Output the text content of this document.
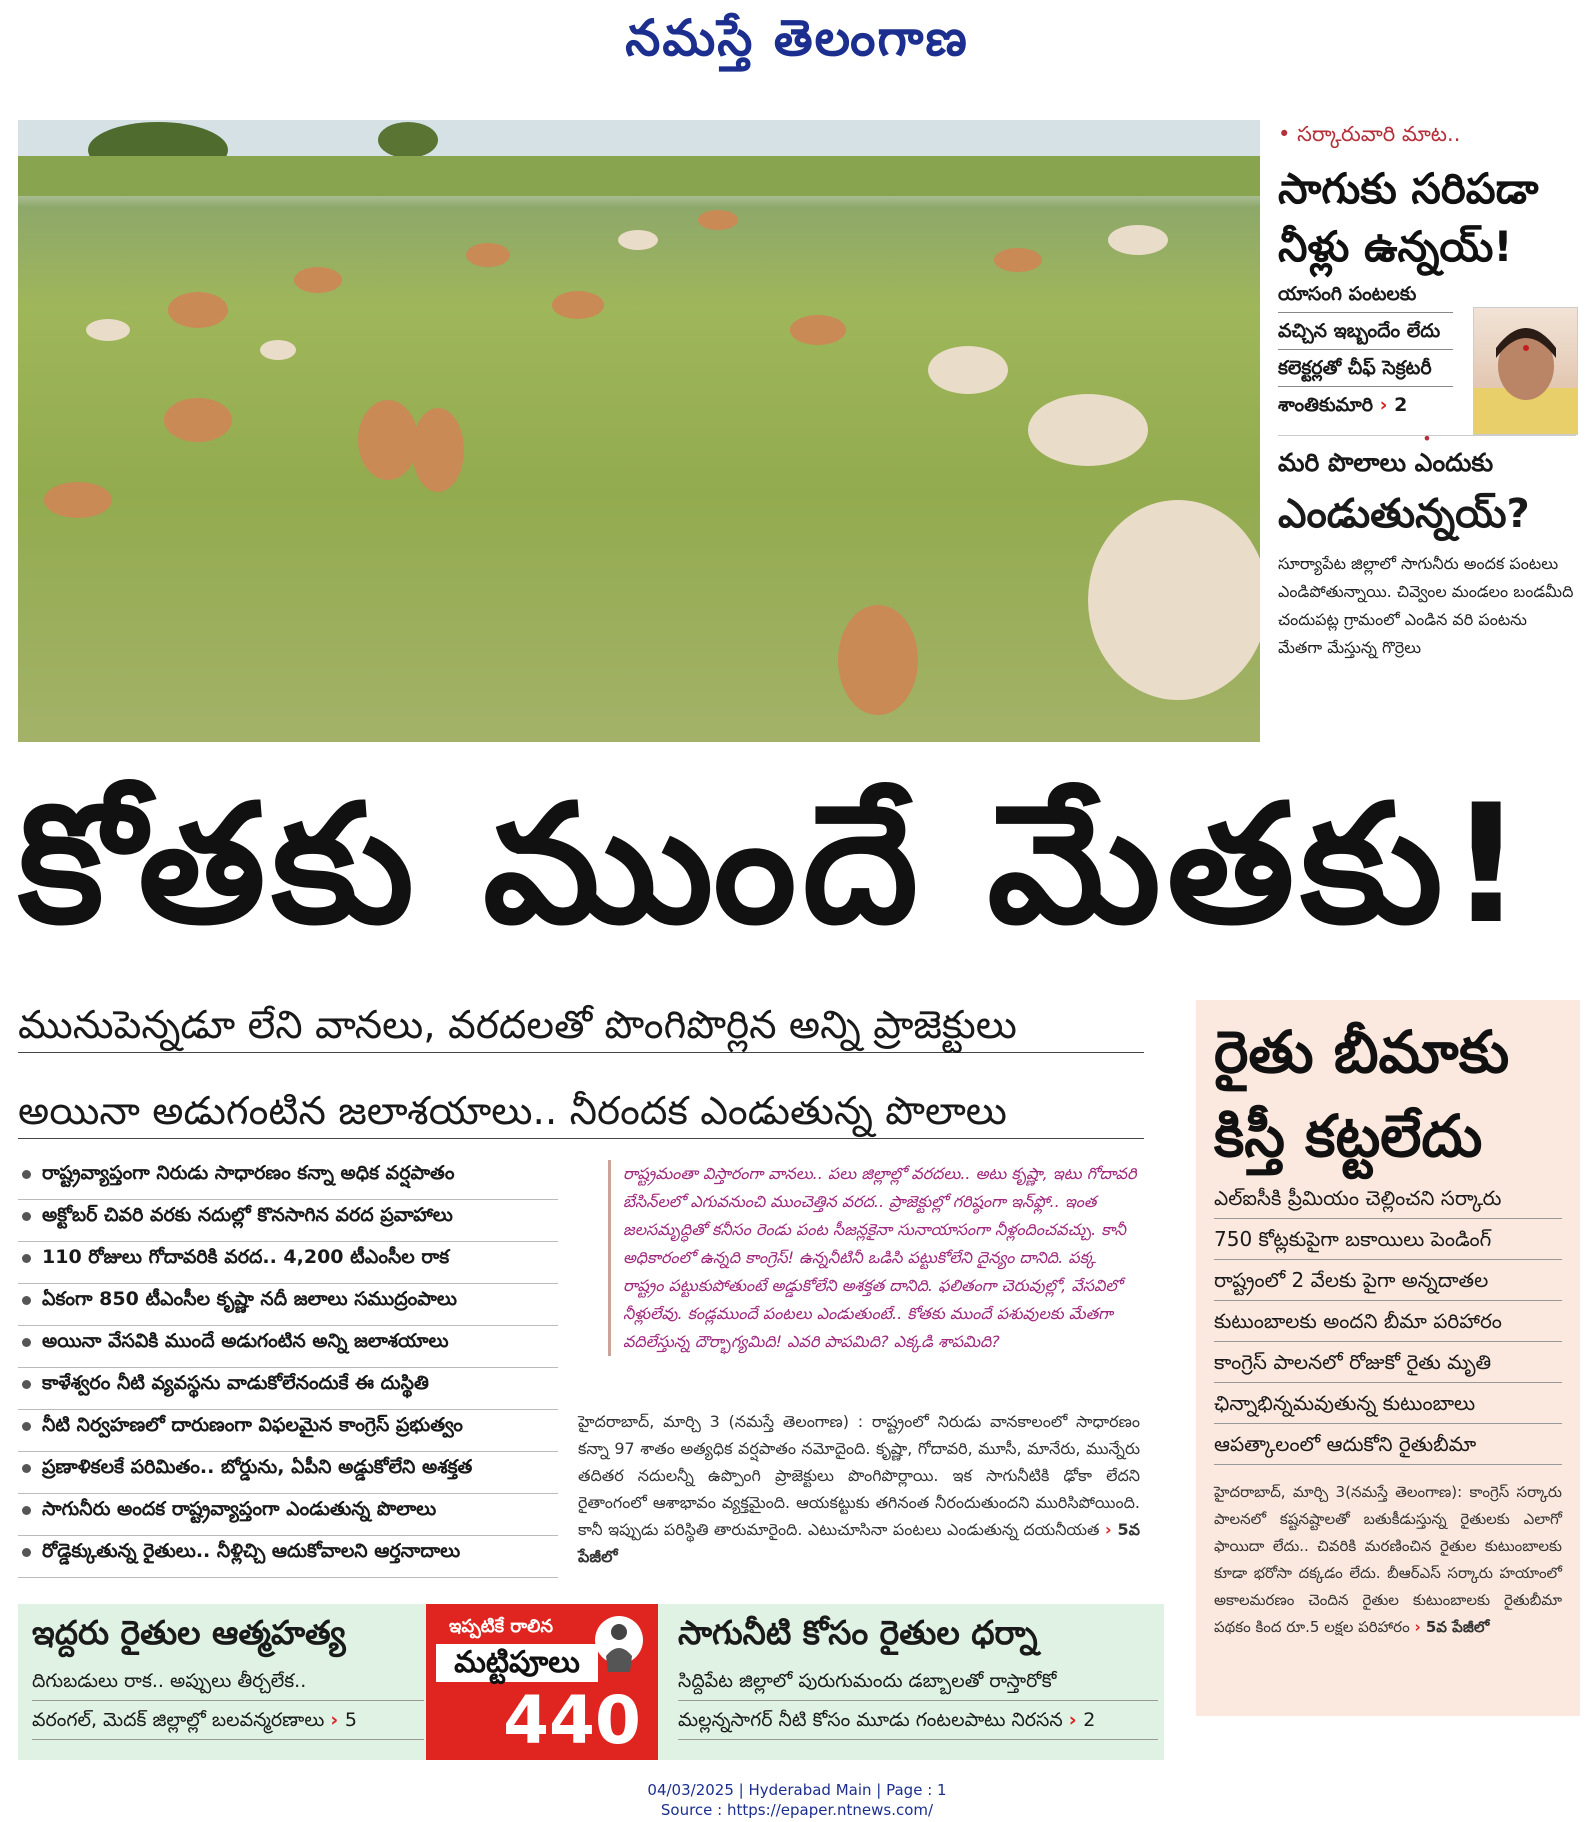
నమస్తే తెలంగాణ
• సర్కారువారి మాట..
సాగుకు సరిపడా
నీళ్లు ఉన్నయ్!
యాసంగి పంటలకు
వచ్చిన ఇబ్బందేం లేదు
కలెక్టర్లతో చీఫ్ సెక్రటరీ
శాంతికుమారి › 2
•
మరి పొలాలు ఎందుకు
ఎండుతున్నయ్?
సూర్యాపేట జిల్లాలో సాగునీరు అందక పంటలు ఎండిపోతున్నాయి. చివ్వెంల మండలం బండమీది చందుపట్ల గ్రామంలో ఎండిన వరి పంటను మేతగా మేస్తున్న గొర్రెలు
కోతకు ముందే మేతకు!
మునుపెన్నడూ లేని వానలు, వరదలతో పొంగిపొర్లిన అన్ని ప్రాజెక్టులు
అయినా అడుగంటిన జలాశయాలు.. నీరందక ఎండుతున్న పొలాలు
రాష్ట్రవ్యాప్తంగా నిరుడు సాధారణం కన్నా అధిక వర్షపాతం
అక్టోబర్ చివరి వరకు నదుల్లో కొనసాగిన వరద ప్రవాహాలు
110 రోజులు గోదావరికి వరద.. 4,200 టీఎంసీల రాక
ఏకంగా 850 టీఎంసీల కృష్ణా నదీ జలాలు సముద్రంపాలు
అయినా వేసవికి ముందే అడుగంటిన అన్ని జలాశయాలు
కాళేశ్వరం నీటి వ్యవస్థను వాడుకోలేనందుకే ఈ దుస్థితి
నీటి నిర్వహణలో దారుణంగా విఫలమైన కాంగ్రెస్ ప్రభుత్వం
ప్రణాళికలకే పరిమితం.. బోర్డును, ఏపీని అడ్డుకోలేని అశక్తత
సాగునీరు అందక రాష్ట్రవ్యాప్తంగా ఎండుతున్న పొలాలు
రోడ్డెక్కుతున్న రైతులు.. నీళ్లిచ్చి ఆదుకోవాలని ఆర్తనాదాలు
రాష్ట్రమంతా విస్తారంగా వానలు.. పలు జిల్లాల్లో వరదలు.. అటు కృష్ణా, ఇటు గోదావరి బేసిన్‌లలో ఎగువనుంచి ముంచెత్తిన వరద.. ప్రాజెక్టుల్లో గరిష్ఠంగా ఇన్‌ఫ్లో.. ఇంత జలసమృద్ధితో కనీసం రెండు పంట సీజన్లకైనా సునాయాసంగా నీళ్లందించవచ్చు. కానీ అధికారంలో ఉన్నది కాంగ్రెస్! ఉన్ననీటినీ ఒడిసి పట్టుకోలేని దైన్యం దానిది. పక్క రాష్ట్రం పట్టుకుపోతుంటే అడ్డుకోలేని అశక్తత దానిది. ఫలితంగా చెరువుల్లో, వేసవిలో నీళ్లులేవు. కండ్లముందే పంటలు ఎండుతుంటే.. కోతకు ముందే పశువులకు మేతగా వదిలేస్తున్న దౌర్భాగ్యమిది! ఎవరి పాపమిది? ఎక్కడి శాపమిది?
హైదరాబాద్, మార్చి 3 (నమస్తే తెలంగాణ) : రాష్ట్రంలో నిరుడు వానకాలంలో సాధారణం కన్నా 97 శాతం అత్యధిక వర్షపాతం నమోదైంది. కృష్ణా, గోదావరి, మూసీ, మానేరు, మున్నేరు తదితర నదులన్నీ ఉప్పొంగి ప్రాజెక్టులు పొంగిపొర్లాయి. ఇక సాగునీటికి ఢోకా లేదని రైతాంగంలో ఆశాభావం వ్యక్తమైంది. ఆయకట్టుకు తగినంత నీరందుతుందని మురిసిపోయింది. కానీ ఇప్పుడు పరిస్థితి తారుమారైంది. ఎటుచూసినా పంటలు ఎండుతున్న దయనీయత › 5వ పేజీలో
రైతు బీమాకు
కిస్తీ కట్టలేదు
ఎల్ఐసీకి ప్రీమియం చెల్లించని సర్కారు
750 కోట్లకుపైగా బకాయిలు పెండింగ్
రాష్ట్రంలో 2 వేలకు పైగా అన్నదాతల
కుటుంబాలకు అందని బీమా పరిహారం
కాంగ్రెస్ పాలనలో రోజుకో రైతు మృతి
ఛిన్నాభిన్నమవుతున్న కుటుంబాలు
ఆపత్కాలంలో ఆదుకోని రైతుబీమా
హైదరాబాద్, మార్చి 3(నమస్తే తెలంగాణ): కాంగ్రెస్ సర్కారు పాలనలో కష్టనష్టాలతో బతుకీడుస్తున్న రైతులకు ఎలాగో ఫాయిదా లేదు.. చివరికి మరణించిన రైతుల కుటుంబాలకు కూడా భరోసా దక్కడం లేదు. బీఆర్‌ఎస్ సర్కారు హయాంలో అకాలమరణం చెందిన రైతుల కుటుంబాలకు రైతుబీమా పథకం కింద రూ.5 లక్షల పరిహారం › 5వ పేజీలో
ఇద్దరు రైతుల ఆత్మహత్య
దిగుబడులు రాక.. అప్పులు తీర్చలేక..
వరంగల్, మెదక్ జిల్లాల్లో బలవన్మరణాలు › 5
ఇప్పటికే రాలిన
మట్టిపూలు
440
సాగునీటి కోసం రైతుల ధర్నా
సిద్దిపేట జిల్లాలో పురుగుమందు డబ్బాలతో రాస్తారోకో
మల్లన్నసాగర్ నీటి కోసం మూడు గంటలపాటు నిరసన › 2
04/03/2025 | Hyderabad Main | Page : 1
Source : https://epaper.ntnews.com/
